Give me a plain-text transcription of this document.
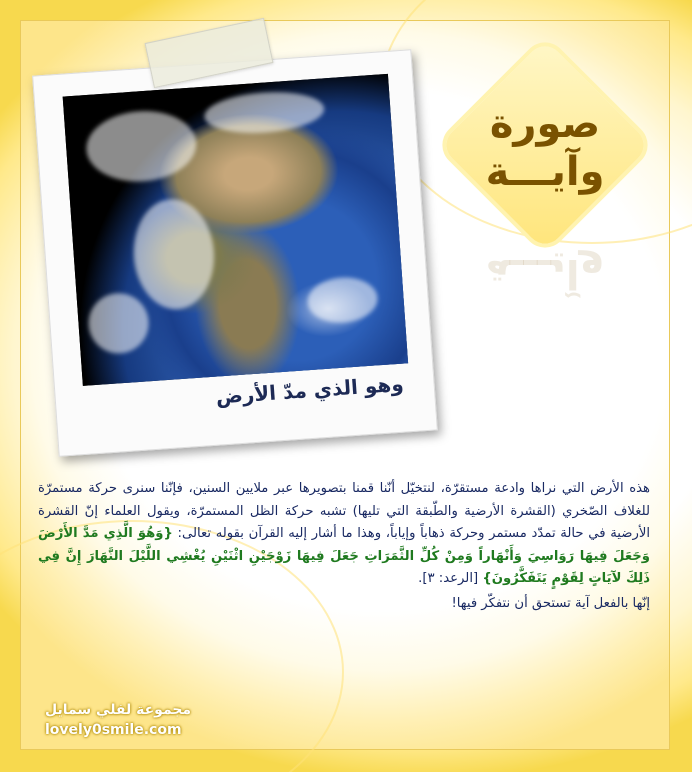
صورة
وآيـــة
وآيـــة
وهو الذي مدّ الأرض

هذه الأرض التي نراها وادعة مستقرّة، لنتخيّل أنّنا قمنا بتصويرها عبر ملايين السنين، فإنّنا سنرى حركة مستمرّة للغلاف الصّخري (القشرة الأرضية والطّبقة التي تليها) تشبه حركة الظل المستمرّة، ويقول العلماء إنّ القشرة الأرضية في حالة تمدّد مستمر وحركة ذهاباً وإياباً، وهذا ما أشار إليه القرآن بقوله تعالى: {وَهُوَ الَّذِي مَدَّ الأَرْضَ وَجَعَلَ فِيهَا رَوَاسِيَ وَأَنْهَاراً وَمِنْ كُلِّ الثَّمَرَاتِ جَعَلَ فِيهَا زَوْجَيْنِ اثْنَيْنِ يُغْشِي اللَّيْلَ النَّهَارَ إِنَّ فِي ذَلِكَ لآيَاتٍ لِقَوْمٍ يَتَفَكَّرُونَ} [الرعد: ٣].

إنّها بالفعل آية تستحق أن نتفكّر فيها!

مجموعة لفلي سمايل
lovely0smile.com
